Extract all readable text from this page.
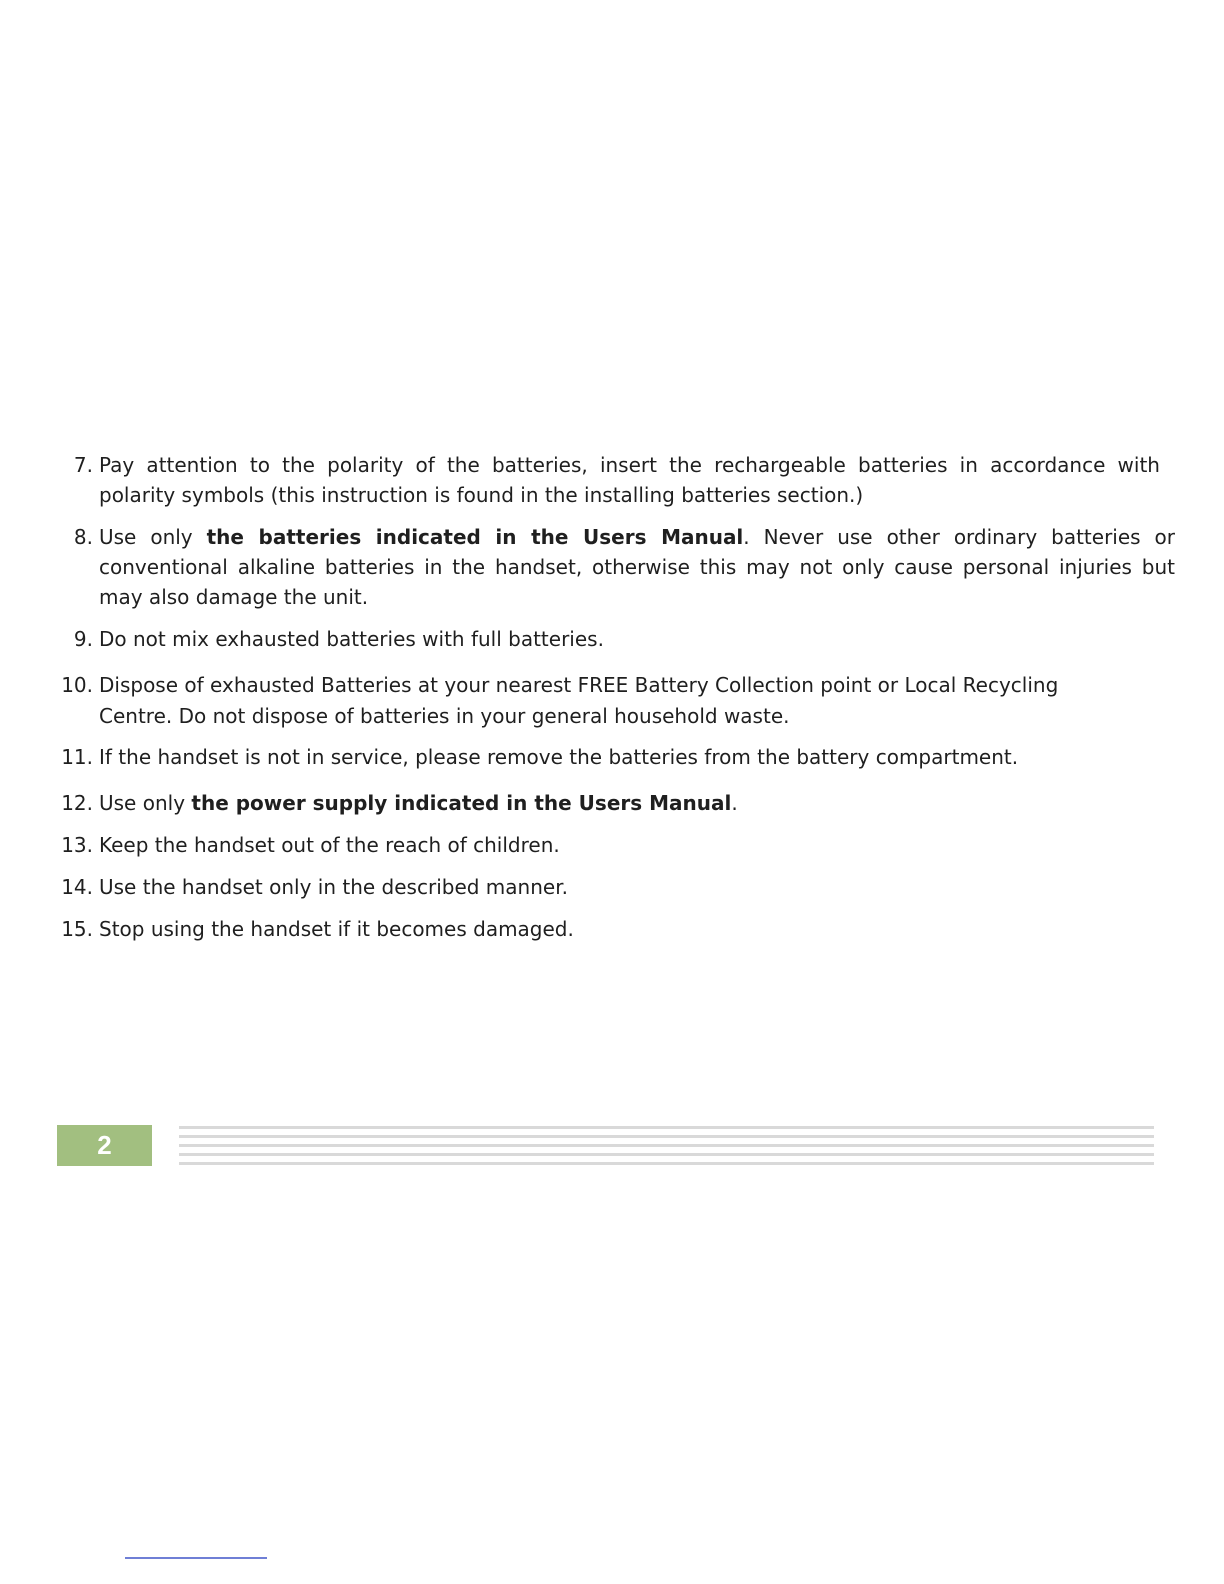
7. Pay attention to the polarity of the batteries, insert the rechargeable batteries in accordance with polarity symbols (this instruction is found in the installing batteries section.)
8. Use only the batteries indicated in the Users Manual. Never use other ordinary batteries or conventional alkaline batteries in the handset, otherwise this may not only cause personal injuries but may also damage the unit.
9. Do not mix exhausted batteries with full batteries.
10. Dispose of exhausted Batteries at your nearest FREE Battery Collection point or Local Recycling Centre. Do not dispose of batteries in your general household waste.
11. If the handset is not in service, please remove the batteries from the battery compartment.
12. Use only the power supply indicated in the Users Manual.
13. Keep the handset out of the reach of children.
14. Use the handset only in the described manner.
15. Stop using the handset if it becomes damaged.
2
